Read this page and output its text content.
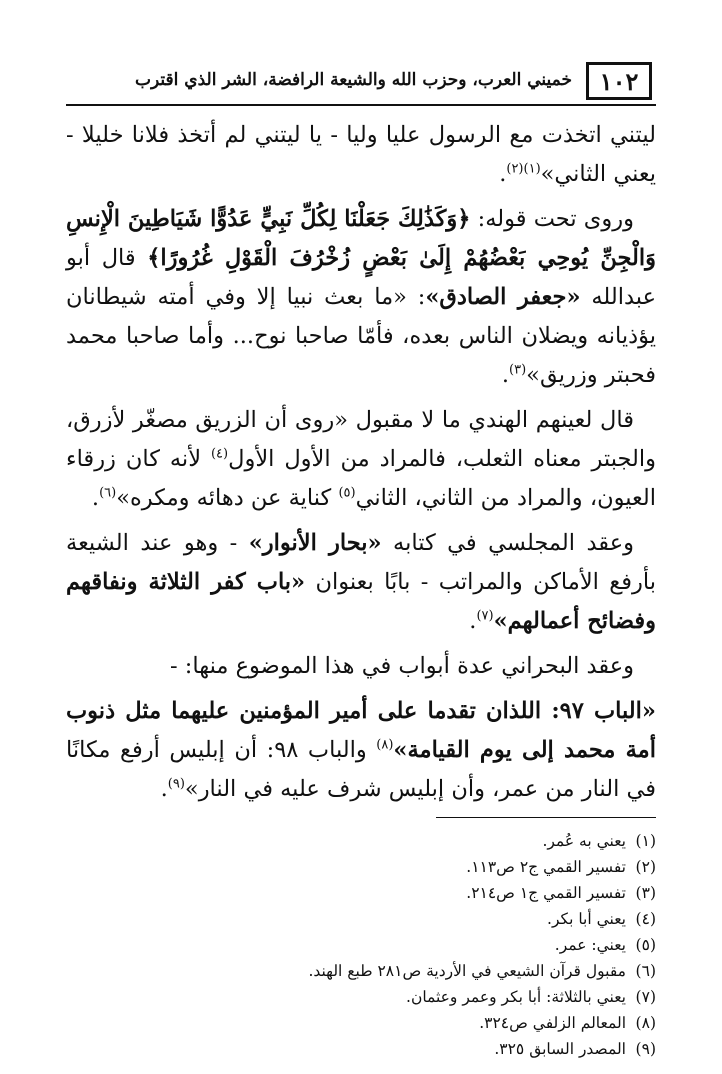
١٠٢
خميني العرب، وحزب الله والشيعة الرافضة، الشر الذي اقترب

ليتني اتخذت مع الرسول عليا وليا - يا ليتني لم أتخذ فلانا خليلا - يعني الثاني»$^{(١)(٢)}$.

وروى تحت قوله: ﴿وَكَذَٰلِكَ جَعَلْنَا لِكُلِّ نَبِيٍّ عَدُوًّا شَيَاطِينَ الْإِنسِ وَالْجِنِّ يُوحِي بَعْضُهُمْ إِلَىٰ بَعْضٍ زُخْرُفَ الْقَوْلِ غُرُورًا﴾ قال أبو عبدالله «جعفر الصادق»: «ما بعث نبيا إلا وفي أمته شيطانان يؤذيانه ويضلان الناس بعده، فأمّا صاحبا نوح... وأما صاحبا محمد فحبتر وزريق»$^{(٣)}$.

قال لعينهم الهندي ما لا مقبول «روى أن الزريق مصغّر لأزرق، والجبتر معناه الثعلب، فالمراد من الأول الأول$^{(٤)}$ لأنه كان زرقاء العيون، والمراد من الثاني، الثاني$^{(٥)}$ كناية عن دهائه ومكره»$^{(٦)}$.

وعقد المجلسي في كتابه «بحار الأنوار» - وهو عند الشيعة بأرفع الأماكن والمراتب - بابًا بعنوان «باب كفر الثلاثة ونفاقهم وفضائح أعمالهم»$^{(٧)}$.

وعقد البحراني عدة أبواب في هذا الموضوع منها: -

«الباب ٩٧: اللذان تقدما على أمير المؤمنين عليهما مثل ذنوب أمة محمد إلى يوم القيامة»$^{(٨)}$ والباب ٩٨: أن إبليس أرفع مكانًا في النار من عمر، وأن إبليس شرف عليه في النار»$^{(٩)}$.

(١)
يعني به عُمر.
(٢)
تفسير القمي ج٢ ص١١٣.
(٣)
تفسير القمي ج١ ص٢١٤.
(٤)
يعني أبا بكر.
(٥)
يعني: عمر.
(٦)
مقبول قرآن الشيعي في الأردية ص٢٨١ طبع الهند.
(٧)
يعني بالثلاثة: أبا بكر وعمر وعثمان.
(٨)
المعالم الزلفي ص٣٢٤.
(٩)
المصدر السابق ٣٢٥.
